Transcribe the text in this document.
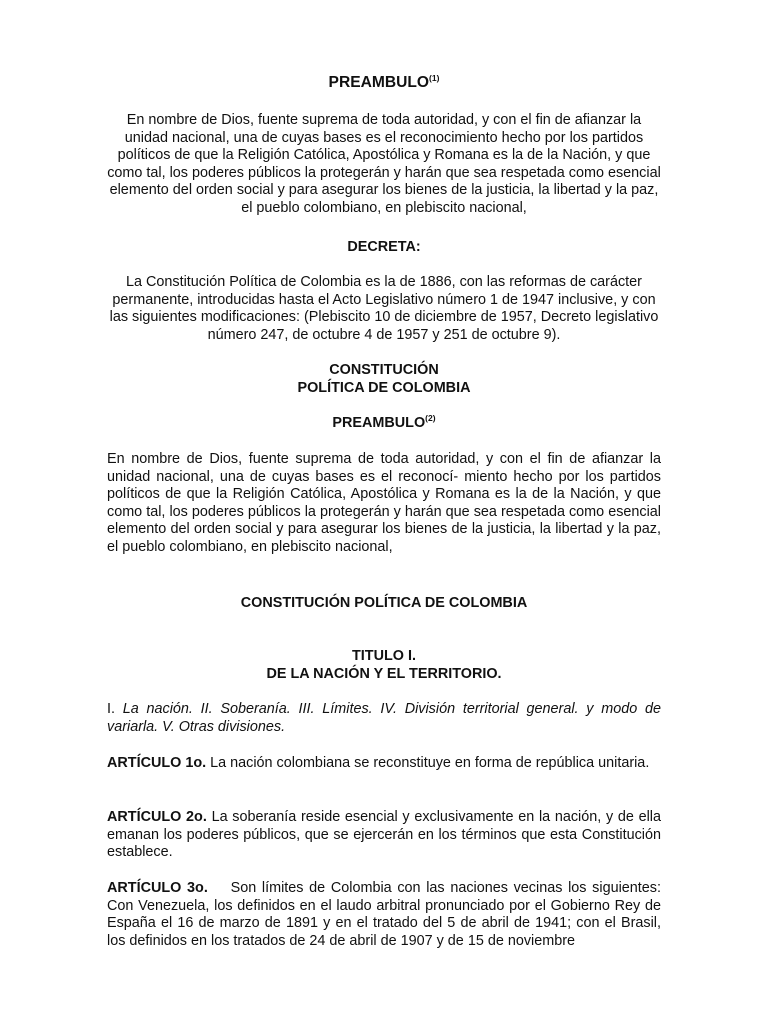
PREAMBULO$^{(1)}$
En nombre de Dios, fuente suprema de toda autoridad, y con el fin de afianzar la unidad nacional, una de cuyas bases es el reconocimiento hecho por los partidos políticos de que la Religión Católica, Apostólica y Romana es la de la Nación, y que como tal, los poderes públicos la protegerán y harán que sea respetada como esencial elemento del orden social y para asegurar los bienes de la justicia, la libertad y la paz, el pueblo colombiano, en plebiscito nacional,
DECRETA:
La Constitución Política de Colombia es la de 1886, con las reformas de carácter permanente, introducidas hasta el Acto Legislativo número 1 de 1947 inclusive, y con las siguientes modificaciones: (Plebiscito 10 de diciembre de 1957, Decreto legislativo número 247, de octubre 4 de 1957 y 251 de octubre 9).
CONSTITUCIÓN
POLÍTICA DE COLOMBIA
PREAMBULO$^{(2)}$
En nombre de Dios, fuente suprema de toda autoridad, y con el fin de afianzar la unidad nacional, una de cuyas bases es el reconocí- miento hecho por los partidos políticos de que la Religión Católica, Apostólica y Romana es la de la Nación, y que como tal, los poderes públicos la protegerán y harán que sea respetada como esencial elemento del orden social y para asegurar los bienes de la justicia, la libertad y la paz, el pueblo colombiano, en plebiscito nacional,
CONSTITUCIÓN POLÍTICA DE COLOMBIA
TITULO I.
DE LA NACIÓN Y EL TERRITORIO.
I. La nación. II. Soberanía. III. Límites. IV. División territorial general. y modo de variarla. V. Otras divisiones.
ARTÍCULO 1o. La nación colombiana se reconstituye en forma de república unitaria.
ARTÍCULO 2o. La soberanía reside esencial y exclusivamente en la nación, y de ella emanan los poderes públicos, que se ejercerán en los términos que esta Constitución establece.
ARTÍCULO 3o.    Son límites de Colombia con las naciones vecinas los siguientes: Con Venezuela, los definidos en el laudo arbitral pronunciado por el Gobierno Rey de España el 16 de marzo de 1891 y en el tratado del 5 de abril de 1941; con el Brasil, los definidos en los tratados de 24 de abril de 1907 y de 15 de noviembre
